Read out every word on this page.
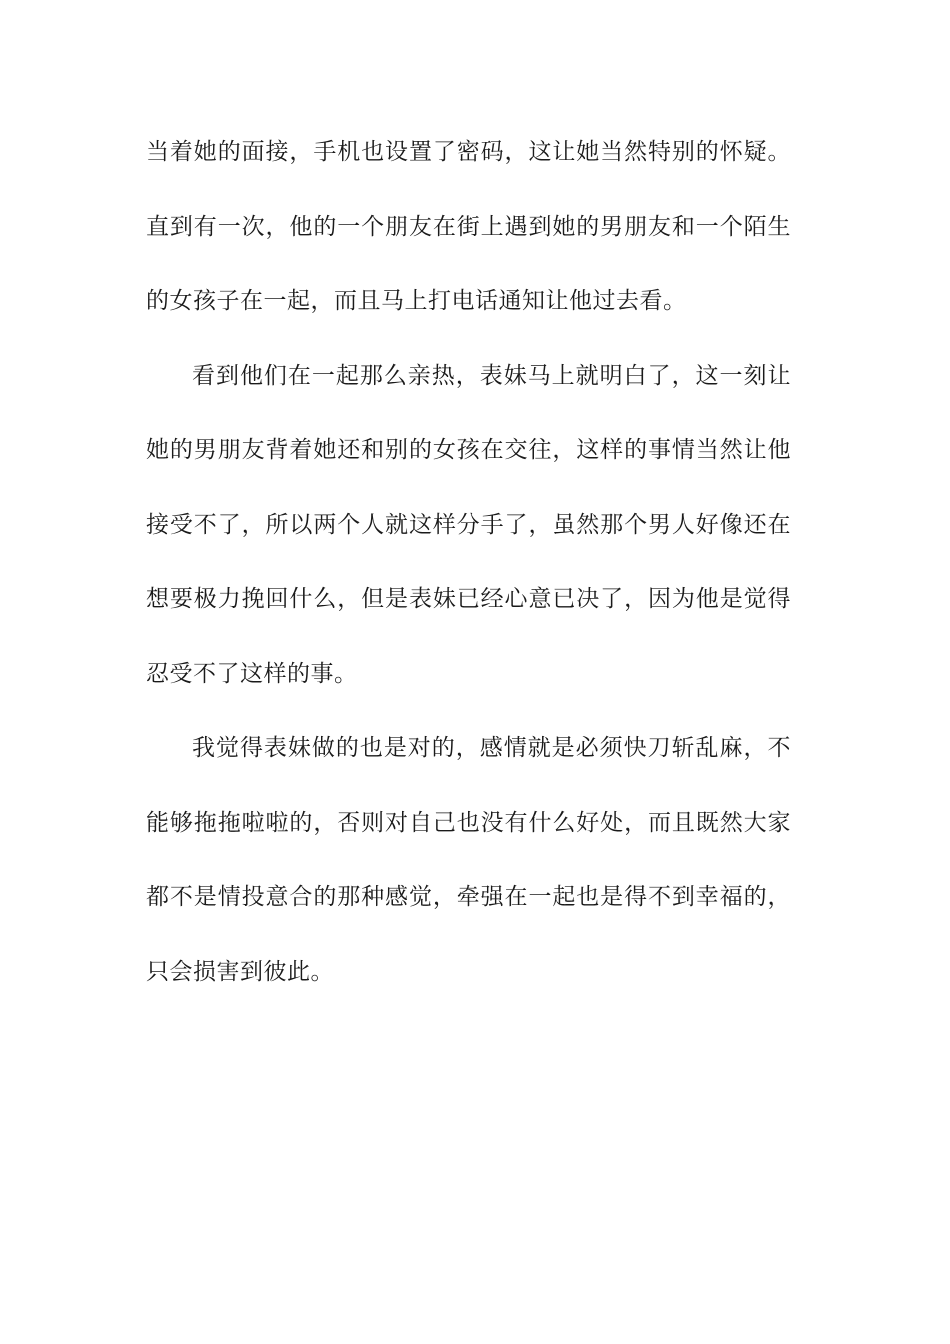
当着她的面接，手机也设置了密码，这让她当然特别的怀疑。
直到有一次，他的一个朋友在街上遇到她的男朋友和一个陌生
的女孩子在一起，而且马上打电话通知让他过去看。
看到他们在一起那么亲热，表妹马上就明白了，这一刻让
她的男朋友背着她还和别的女孩在交往，这样的事情当然让他
接受不了，所以两个人就这样分手了，虽然那个男人好像还在
想要极力挽回什么，但是表妹已经心意已决了，因为他是觉得
忍受不了这样的事。
我觉得表妹做的也是对的，感情就是必须快刀斩乱麻，不
能够拖拖啦啦的，否则对自己也没有什么好处，而且既然大家
都不是情投意合的那种感觉，牵强在一起也是得不到幸福的，
只会损害到彼此。
